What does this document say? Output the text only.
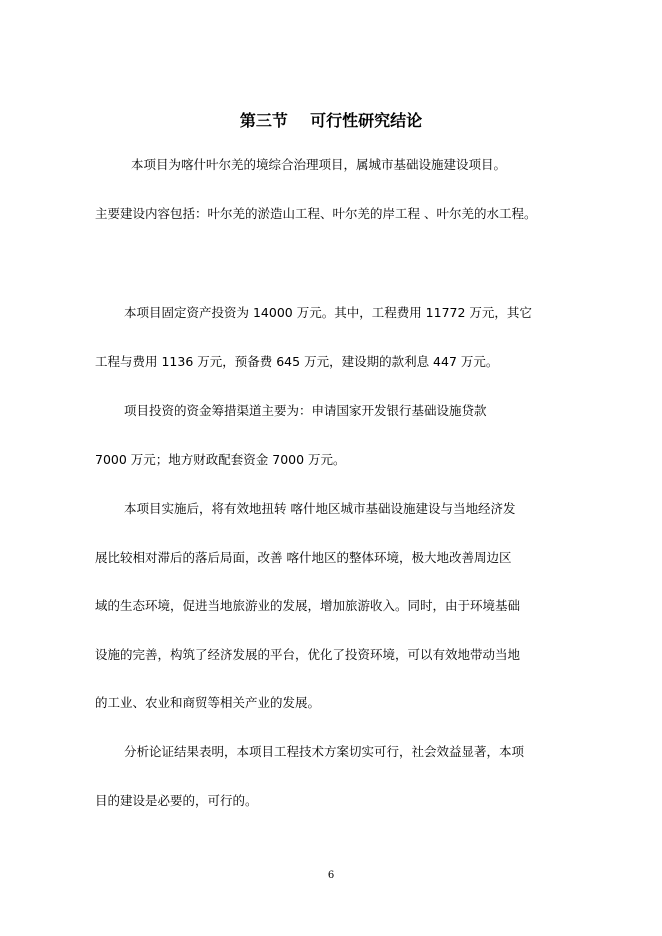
第三节    可行性研究结论

本项目为喀什叶尔羌的境综合治理项目，属城市基础设施建设项目。

主要建设内容包括：叶尔羌的淤造山工程、叶尔羌的岸工程 、叶尔羌的水工程。

本项目固定资产投资为 14000 万元。其中，工程费用 11772 万元，其它

工程与费用 1136 万元，预备费 645 万元，建设期的款利息 447 万元。

项目投资的资金筹措渠道主要为：申请国家开发银行基础设施贷款

7000 万元；地方财政配套资金 7000 万元。

本项目实施后，将有效地扭转 喀什地区城市基础设施建设与当地经济发

展比较相对滞后的落后局面，改善 喀什地区的整体环境，极大地改善周边区

域的生态环境，促进当地旅游业的发展，增加旅游收入。同时，由于环境基础

设施的完善，构筑了经济发展的平台，优化了投资环境，可以有效地带动当地

的工业、农业和商贸等相关产业的发展。

分析论证结果表明，本项目工程技术方案切实可行，社会效益显著，本项

目的建设是必要的，可行的。

6
